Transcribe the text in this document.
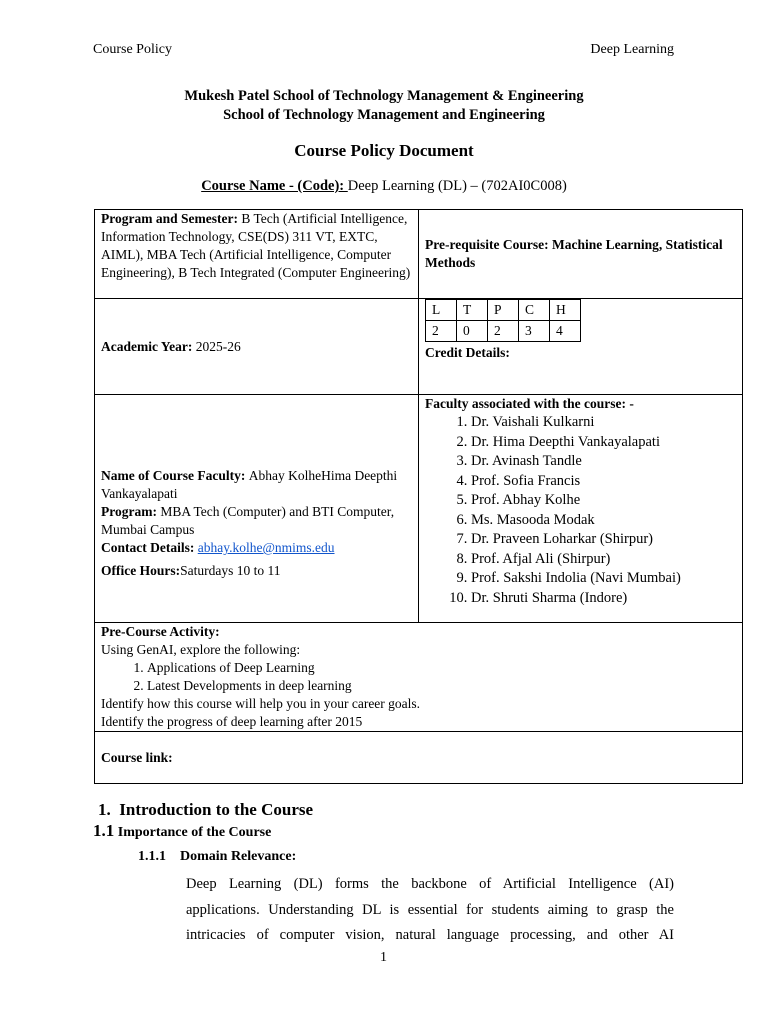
Course Policy	Deep Learning
Mukesh Patel School of Technology Management & Engineering
School of Technology Management and Engineering
Course Policy Document
Course Name - (Code): Deep Learning (DL) – (702AI0C008)
Program and Semester: B Tech (Artificial Intelligence, Information Technology, CSE(DS) 311 VT, EXTC, AIML), MBA Tech (Artificial Intelligence, Computer Engineering), B Tech Integrated (Computer Engineering)	Pre-requisite Course: Machine Learning, Statistical Methods
Academic Year: 2025-26	
L	T	P	C	H
2	0	2	3	4
Credit Details:

Name of Course Faculty: Abhay KolheHima Deepthi Vankayalapati
Program: MBA Tech (Computer) and BTI Computer, Mumbai Campus
Contact Details: abhay.kolhe@nmims.edu
Office Hours:Saturdays 10 to 11

Faculty associated with the course: -
1. Dr. Vaishali Kulkarni
2. Dr. Hima Deepthi Vankayalapati
3. Dr. Avinash Tandle
4. Prof. Sofia Francis
5. Prof. Abhay Kolhe
6. Ms. Masooda Modak
7. Dr. Praveen Loharkar (Shirpur)
8. Prof. Afjal Ali (Shirpur)
9. Prof. Sakshi Indolia (Navi Mumbai)
10. Dr. Shruti Sharma (Indore)

Pre-Course Activity:
Using GenAI, explore the following:
1. Applications of Deep Learning
2. Latest Developments in deep learning
Identify how this course will help you in your career goals.
Identify the progress of deep learning after 2015

Course link:
1. Introduction to the Course
1.1 Importance of the Course
1.1.1 Domain Relevance:
Deep Learning (DL) forms the backbone of Artificial Intelligence (AI)
applications. Understanding DL is essential for students aiming to grasp the
intricacies of computer vision, natural language processing, and other AI
1
